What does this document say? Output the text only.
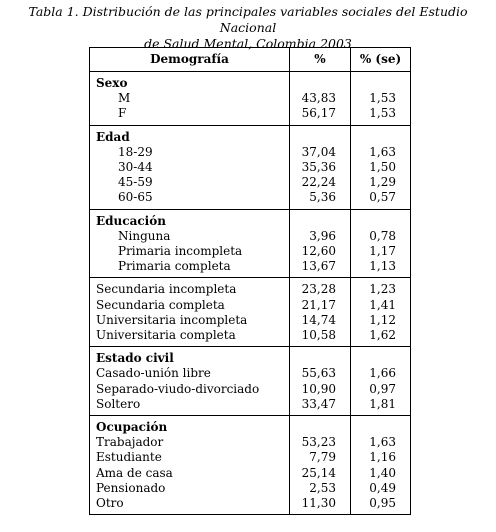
Tabla 1. Distribución de las principales variables sociales del Estudio Nacional
de Salud Mental, Colombia 2003
Demografía	%	% (se)
Sexo		
M	43,83	1,53
F	56,17	1,53
Edad		
18-29	37,04	1,63
30-44	35,36	1,50
45-59	22,24	1,29
60-65	5,36	0,57
Educación		
Ninguna	3,96	0,78
Primaria incompleta	12,60	1,17
Primaria completa	13,67	1,13
Secundaria incompleta	23,28	1,23
Secundaria completa	21,17	1,41
Universitaria incompleta	14,74	1,12
Universitaria completa	10,58	1,62
Estado civil		
Casado-unión libre	55,63	1,66
Separado-viudo-divorciado	10,90	0,97
Soltero	33,47	1,81
Ocupación		
Trabajador	53,23	1,63
Estudiante	7,79	1,16
Ama de casa	25,14	1,40
Pensionado	2,53	0,49
Otro	11,30	0,95
